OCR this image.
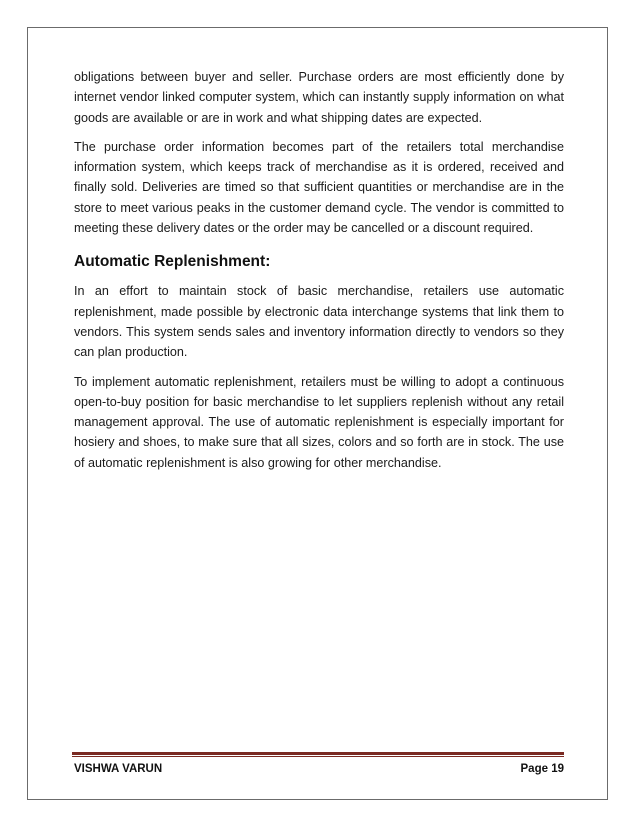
obligations between buyer and seller. Purchase orders are most efficiently done by internet vendor linked computer system, which can instantly supply information on what goods are available or are in work and what shipping dates are expected.

The purchase order information becomes part of the retailers total merchandise information system, which keeps track of merchandise as it is ordered, received and finally sold. Deliveries are timed so that sufficient quantities or merchandise are in the store to meet various peaks in the customer demand cycle. The vendor is committed to meeting these delivery dates or the order may be cancelled or a discount required.

Automatic Replenishment:

In an effort to maintain stock of basic merchandise, retailers use automatic replenishment, made possible by electronic data interchange systems that link them to vendors. This system sends sales and inventory information directly to vendors so they can plan production.

To implement automatic replenishment, retailers must be willing to adopt a continuous open-to-buy position for basic merchandise to let suppliers replenish without any retail management approval. The use of automatic replenishment is especially important for hosiery and shoes, to make sure that all sizes, colors and so forth are in stock. The use of automatic replenishment is also growing for other merchandise.

VISHWA VARUN	Page 19
